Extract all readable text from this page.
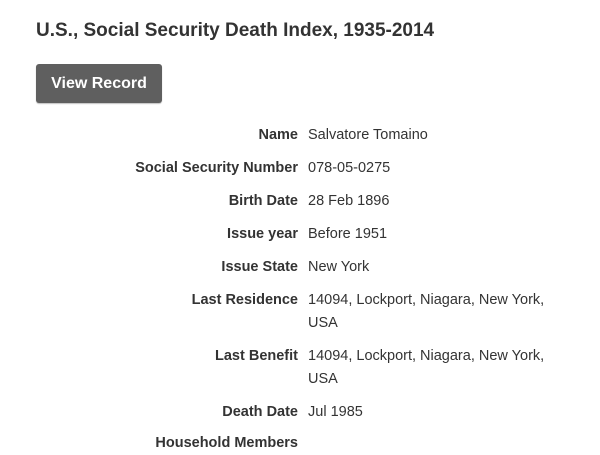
U.S., Social Security Death Index, 1935-2014
View Record
Name Salvatore Tomaino
Social Security Number 078-05-0275
Birth Date 28 Feb 1896
Issue year Before 1951
Issue State New York
Last Residence 14094, Lockport, Niagara, New York, USA
Last Benefit 14094, Lockport, Niagara, New York, USA
Death Date Jul 1985
Household Members
